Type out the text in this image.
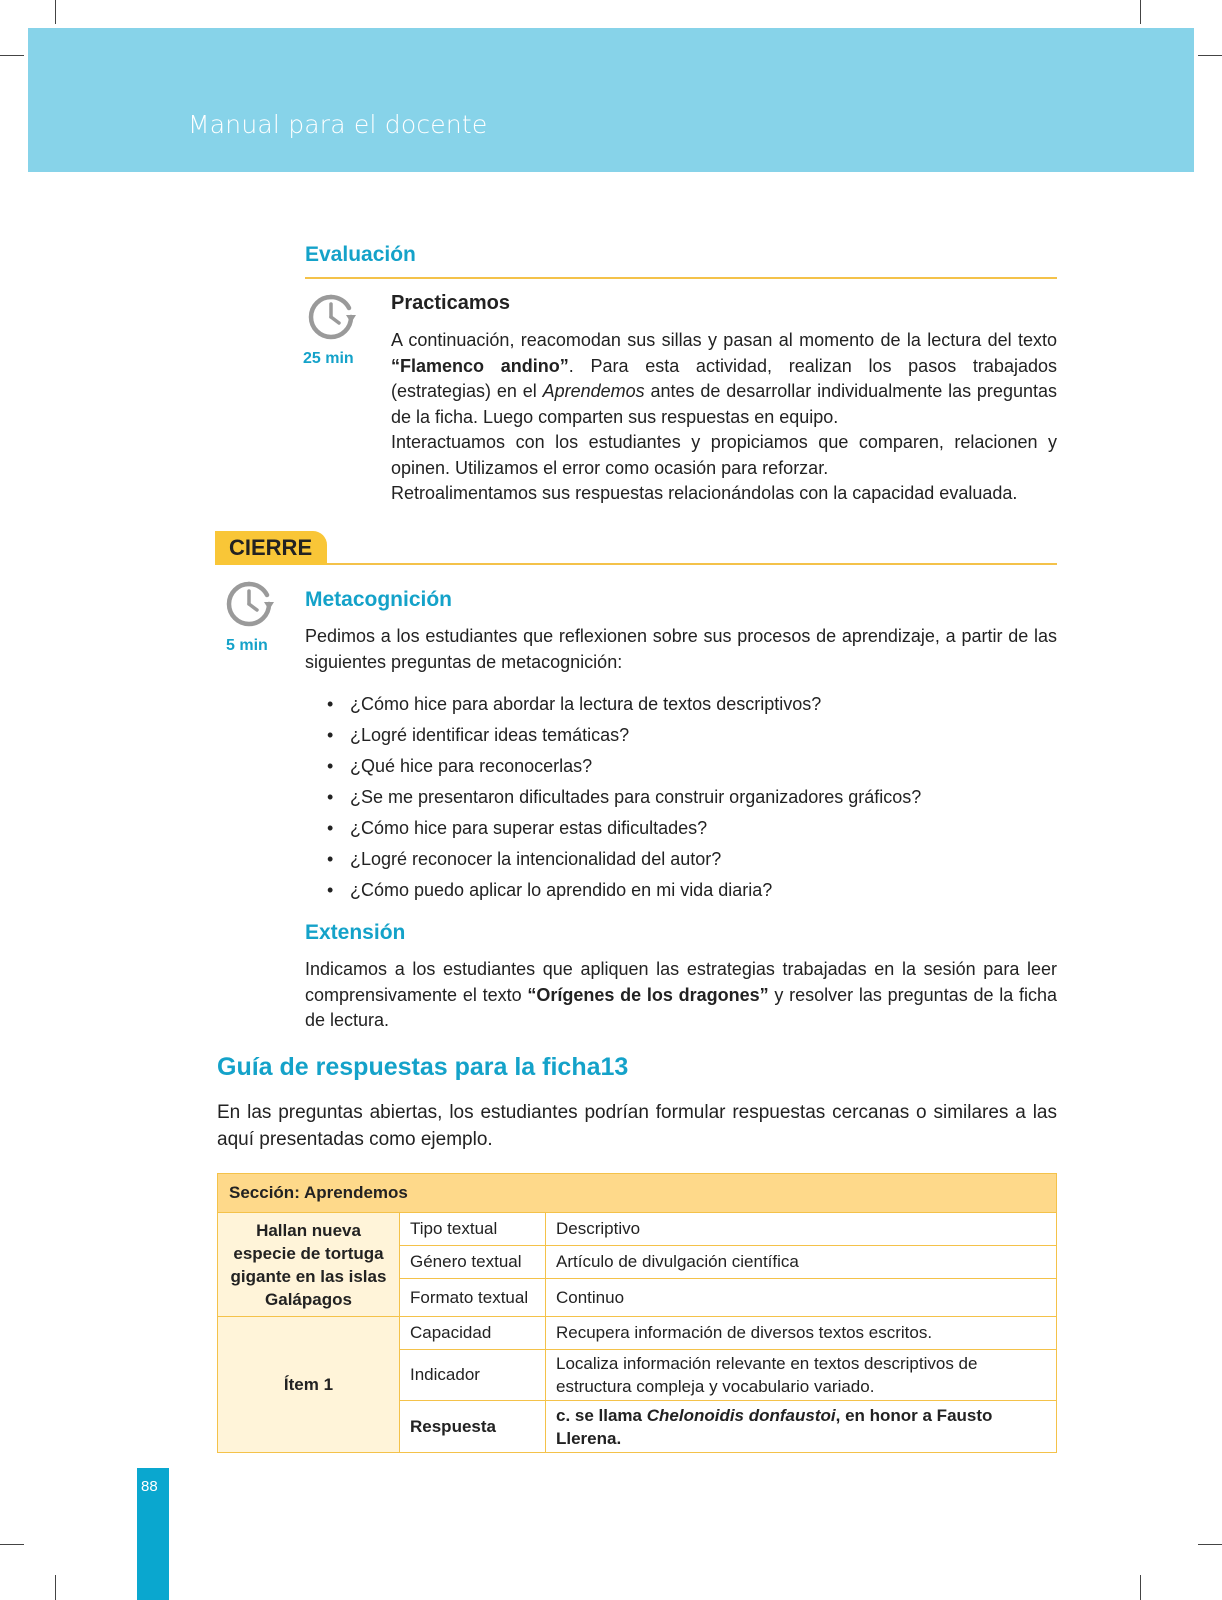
Manual para el docente
Evaluación
25 min
Practicamos
A continuación, reacomodan sus sillas y pasan al momento de la lectura del texto “Flamenco andino”. Para esta actividad, realizan los pasos trabajados (estrategias) en el Aprendemos antes de desarrollar individualmente las preguntas de la ficha. Luego comparten sus respuestas en equipo.
Interactuamos con los estudiantes y propiciamos que comparen, relacionen y opinen. Utilizamos el error como ocasión para reforzar.
Retroalimentamos sus respuestas relacionándolas con la capacidad evaluada.
CIERRE
5 min
Metacognición
Pedimos a los estudiantes que reflexionen sobre sus procesos de aprendizaje, a partir de las siguientes preguntas de metacognición:
• ¿Cómo hice para abordar la lectura de textos descriptivos?
• ¿Logré identificar ideas temáticas?
• ¿Qué hice para reconocerlas?
• ¿Se me presentaron dificultades para construir organizadores gráficos?
• ¿Cómo hice para superar estas dificultades?
• ¿Logré reconocer la intencionalidad del autor?
• ¿Cómo puedo aplicar lo aprendido en mi vida diaria?
Extensión
Indicamos a los estudiantes que apliquen las estrategias trabajadas en la sesión para leer comprensivamente el texto “Orígenes de los dragones” y resolver las preguntas de la ficha de lectura.
Guía de respuestas para la ficha13
En las preguntas abiertas, los estudiantes podrían formular respuestas cercanas o similares a las aquí presentadas como ejemplo.
Sección: Aprendemos		
Hallan nueva especie de tortuga gigante en las islas Galápagos	Tipo textual	Descriptivo
	Género textual	Artículo de divulgación científica
	Formato textual	Continuo
Ítem 1	Capacidad	Recupera información de diversos textos escritos.
	Indicador	Localiza información relevante en textos descriptivos de estructura compleja y vocabulario variado.
	Respuesta	c. se llama Chelonoidis donfaustoi, en honor a Fausto Llerena.
88
